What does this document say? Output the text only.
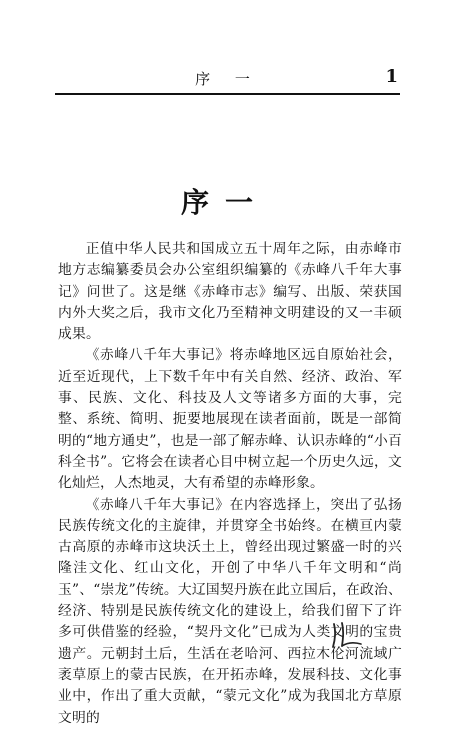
序 一	1
序一

正值中华人民共和国成立五十周年之际，由赤峰市地方志编纂委员会办公室组织编纂的《赤峰八千年大事记》问世了。这是继《赤峰市志》编写、出版、荣获国内外大奖之后，我市文化乃至精神文明建设的又一丰硕成果。

《赤峰八千年大事记》将赤峰地区远自原始社会，近至近现代，上下数千年中有关自然、经济、政治、军事、民族、文化、科技及人文等诸多方面的大事，完整、系统、简明、扼要地展现在读者面前，既是一部简明的“地方通史”，也是一部了解赤峰、认识赤峰的“小百科全书”。它将会在读者心目中树立起一个历史久远，文化灿烂，人杰地灵，大有希望的赤峰形象。

《赤峰八千年大事记》在内容选择上，突出了弘扬民族传统文化的主旋律，并贯穿全书始终。在横亘内蒙古高原的赤峰市这块沃土上，曾经出现过繁盛一时的兴隆洼文化、红山文化，开创了中华八千年文明和“尚玉”、“崇龙”传统。大辽国契丹族在此立国后，在政治、经济、特别是民族传统文化的建设上，给我们留下了许多可供借鉴的经验，“契丹文化”已成为人类文明的宝贵遗产。元朝封土后，生活在老哈河、西拉木伦河流域广袤草原上的蒙古民族，在开拓赤峰，发展科技、文化事业中，作出了重大贡献，“蒙元文化”成为我国北方草原文明的
